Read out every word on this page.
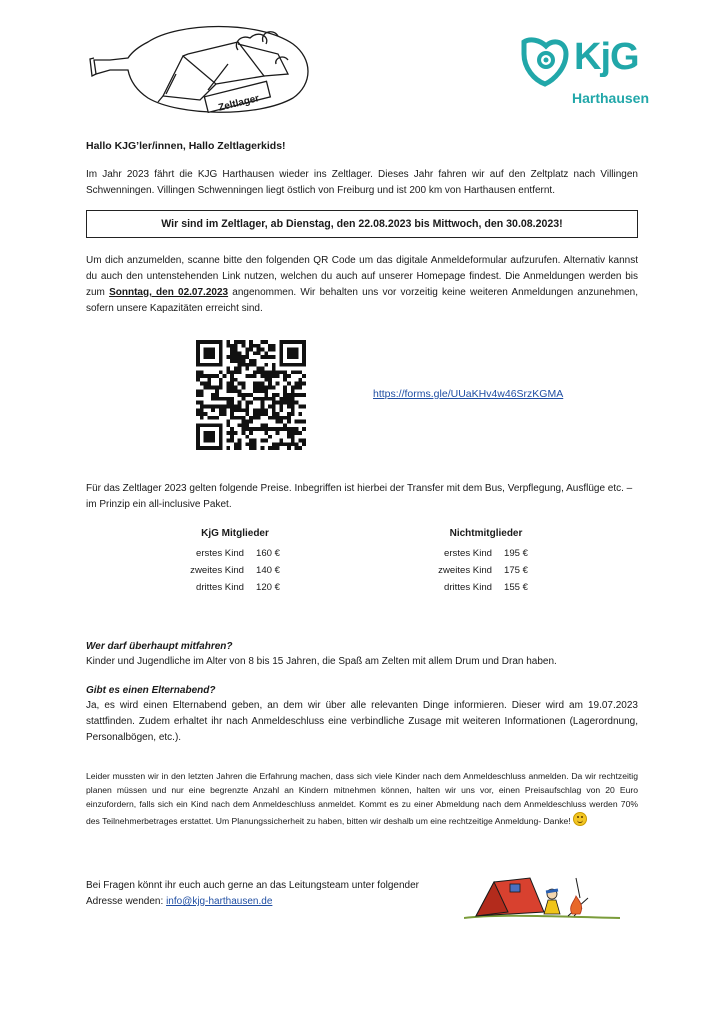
Zeltlager
KjG
Harthausen

Hallo KJG’ler/innen, Hallo Zeltlagerkids!

Im Jahr 2023 fährt die KJG Harthausen wieder ins Zeltlager. Dieses Jahr fahren wir auf den Zeltplatz nach Villingen Schwenningen. Villingen Schwenningen liegt östlich von Freiburg und ist 200 km von Harthausen entfernt.

Wir sind im Zeltlager, ab Dienstag, den 22.08.2023 bis Mittwoch, den 30.08.2023!

Um dich anzumelden, scanne bitte den folgenden QR Code um das digitale Anmeldeformular aufzurufen. Alternativ kannst du auch den untenstehenden Link nutzen, welchen du auch auf unserer Homepage findest. Die Anmeldungen werden bis zum Sonntag, den 02.07.2023 angenommen. Wir behalten uns vor vorzeitig keine weiteren Anmeldungen anzunehmen, sofern unsere Kapazitäten erreicht sind.

https://forms.gle/UUaKHv4w46SrzKGMA

Für das Zeltlager 2023 gelten folgende Preise. Inbegriffen ist hierbei der Transfer mit dem Bus, Verpflegung, Ausflüge etc. – im Prinzip ein all-inclusive Paket.

KjG Mitglieder
erstes Kind	160 €
zweites Kind	140 €
drittes Kind	120 €
Nichtmitglieder
erstes Kind	195 €
zweites Kind	175 €
drittes Kind	155 €

Wer darf überhaupt mitfahren?

Kinder und Jugendliche im Alter von 8 bis 15 Jahren, die Spaß am Zelten mit allem Drum und Dran haben.

Gibt es einen Elternabend?

Ja, es wird einen Elternabend geben, an dem wir über alle relevanten Dinge informieren. Dieser wird am 19.07.2023 stattfinden. Zudem erhaltet ihr nach Anmeldeschluss eine verbindliche Zusage mit weiteren Informationen (Lagerordnung, Personalbögen, etc.).

Leider mussten wir in den letzten Jahren die Erfahrung machen, dass sich viele Kinder nach dem Anmeldeschluss anmelden. Da wir rechtzeitig planen müssen und nur eine begrenzte Anzahl an Kindern mitnehmen können, halten wir uns vor, einen Preisaufschlag von 20 Euro einzufordern, falls sich ein Kind nach dem Anmeldeschluss anmeldet. Kommt es zu einer Abmeldung nach dem Anmeldeschluss werden 70% des Teilnehmerbetrages erstattet. Um Planungssicherheit zu haben, bitten wir deshalb um eine rechtzeitige Anmeldung- Danke!

Bei Fragen könnt ihr euch auch gerne an das Leitungsteam unter folgender Adresse wenden: info@kjg-harthausen.de
